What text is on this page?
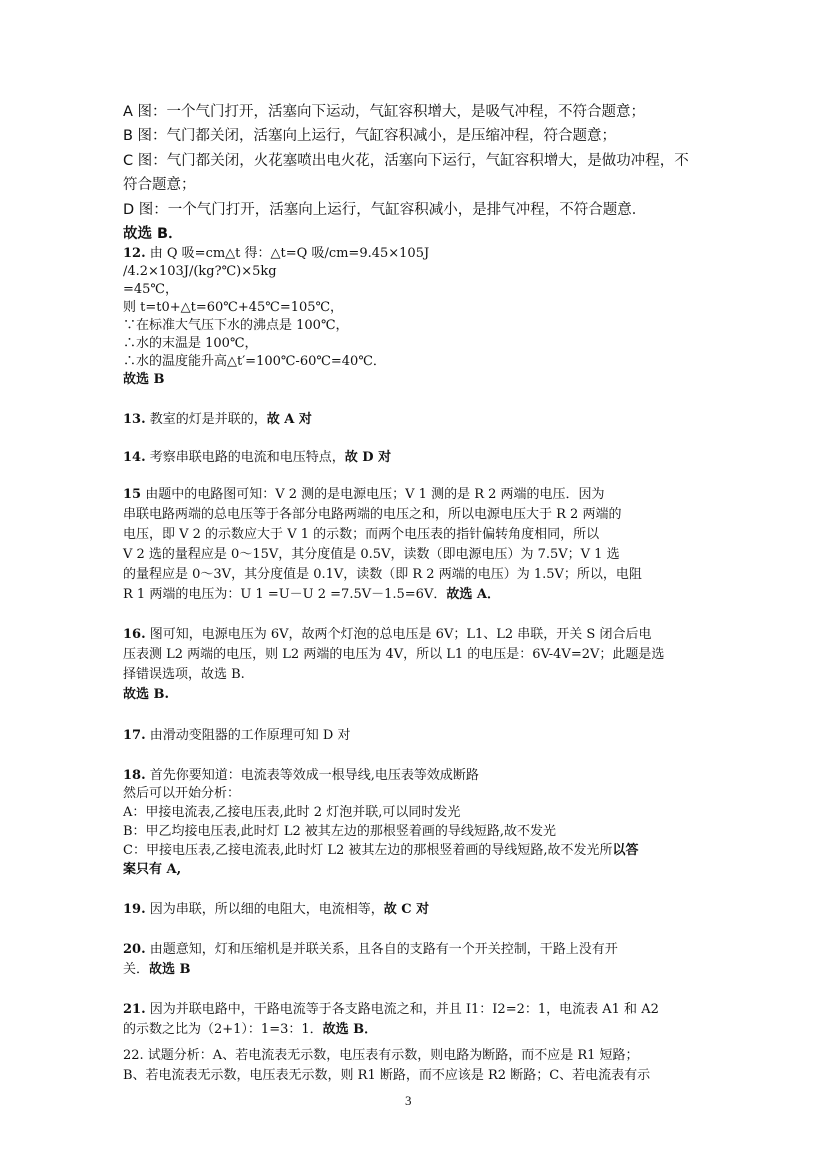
A 图：一个气门打开，活塞向下运动，气缸容积增大，是吸气冲程，不符合题意；
B 图：气门都关闭，活塞向上运行，气缸容积减小，是压缩冲程，符合题意；
C 图：气门都关闭，火花塞喷出电火花，活塞向下运行，气缸容积增大，是做功冲程，不
符合题意；
D 图：一个气门打开，活塞向上运行，气缸容积减小，是排气冲程，不符合题意．
故选 B．
12. 由 Q 吸=cm△t 得：△t=Q 吸/cm=9.45×105J
/4.2×103J/(kg?℃)×5kg
=45℃，
则 t=t0+△t=60℃+45℃=105℃，
∵在标准大气压下水的沸点是 100℃，
∴水的末温是 100℃，
∴水的温度能升高△t′=100℃-60℃=40℃．
故选 B
13. 教室的灯是并联的，故 A 对
14. 考察串联电路的电流和电压特点，故 D 对
15 由题中的电路图可知：V 2 测的是电源电压；V 1 测的是 R 2 两端的电压．因为
串联电路两端的总电压等于各部分电路两端的电压之和，所以电源电压大于 R 2 两端的
电压，即 V 2 的示数应大于 V 1 的示数；而两个电压表的指针偏转角度相同，所以
V 2 选的量程应是 0～15V，其分度值是 0.5V，读数（即电源电压）为 7.5V；V 1 选
的量程应是 0～3V，其分度值是 0.1V，读数（即 R 2 两端的电压）为 1.5V；所以，电阻
R 1 两端的电压为：U 1 =U－U 2 =7.5V－1.5=6V．故选 A．
16. 图可知，电源电压为 6V，故两个灯泡的总电压是 6V；L1、L2 串联，开关 S 闭合后电
压表测 L2 两端的电压，则 L2 两端的电压为 4V，所以 L1 的电压是：6V-4V=2V；此题是选
择错误选项，故选 B.
故选 B.
17. 由滑动变阻器的工作原理可知 D 对
18. 首先你要知道：电流表等效成一根导线,电压表等效成断路
然后可以开始分析：
A：甲接电流表,乙接电压表,此时 2 灯泡并联,可以同时发光
B：甲乙均接电压表,此时灯 L2 被其左边的那根竖着画的导线短路,故不发光
C：甲接电压表,乙接电流表,此时灯 L2 被其左边的那根竖着画的导线短路,故不发光所以答
案只有 A,
19. 因为串联，所以细的电阻大，电流相等，故 C 对
20. 由题意知，灯和压缩机是并联关系，且各自的支路有一个开关控制，干路上没有开
关．故选 B
21. 因为并联电路中，干路电流等于各支路电流之和，并且 I1：I2=2：1，电流表 A1 和 A2
的示数之比为（2+1）：1=3：1．故选 B．
22. 试题分析：A、若电流表无示数，电压表有示数，则电路为断路，而不应是 R1 短路；
B、若电流表无示数，电压表无示数，则 R1 断路，而不应该是 R2 断路；C、若电流表有示
3
